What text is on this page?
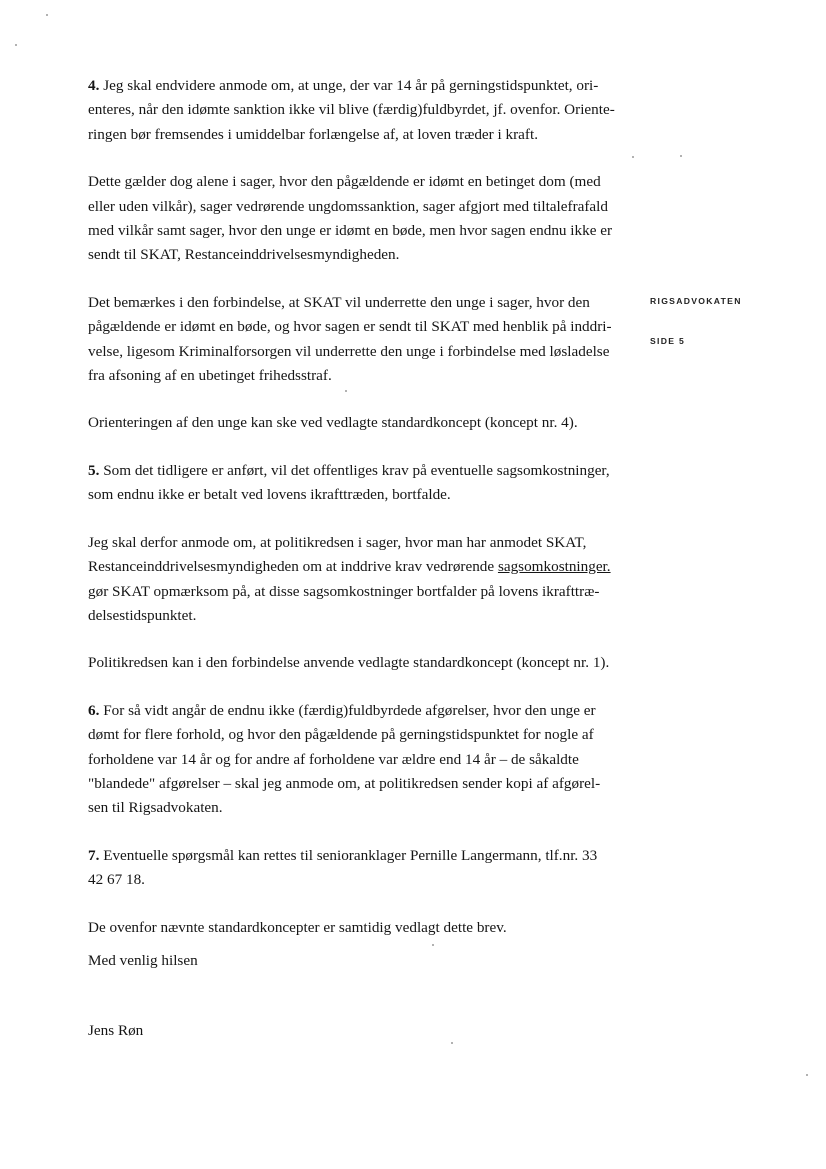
4. Jeg skal endvidere anmode om, at unge, der var 14 år på gerningstidspunktet, ori-
enteres, når den idømte sanktion ikke vil blive (færdig)fuldbyrdet, jf. ovenfor. Oriente-
ringen bør fremsendes i umiddelbar forlængelse af, at loven træder i kraft.

Dette gælder dog alene i sager, hvor den pågældende er idømt en betinget dom (med
eller uden vilkår), sager vedrørende ungdomssanktion, sager afgjort med tiltalefrafald
med vilkår samt sager, hvor den unge er idømt en bøde, men hvor sagen endnu ikke er
sendt til SKAT, Restanceinddrivelsesmyndigheden.

Det bemærkes i den forbindelse, at SKAT vil underrette den unge i sager, hvor den
pågældende er idømt en bøde, og hvor sagen er sendt til SKAT med henblik på inddri-
velse, ligesom Kriminalforsorgen vil underrette den unge i forbindelse med løsladelse
fra afsoning af en ubetinget frihedsstraf.

Orienteringen af den unge kan ske ved vedlagte standardkoncept (koncept nr. 4).

5. Som det tidligere er anført, vil det offentliges krav på eventuelle sagsomkostninger,
som endnu ikke er betalt ved lovens ikrafttræden, bortfalde.

Jeg skal derfor anmode om, at politikredsen i sager, hvor man har anmodet SKAT,
Restanceinddrivelsesmyndigheden om at inddrive krav vedrørende sagsomkostninger.
gør SKAT opmærksom på, at disse sagsomkostninger bortfalder på lovens ikrafttræ-
delsestidspunktet.

Politikredsen kan i den forbindelse anvende vedlagte standardkoncept (koncept nr. 1).

6. For så vidt angår de endnu ikke (færdig)fuldbyrdede afgørelser, hvor den unge er
dømt for flere forhold, og hvor den pågældende på gerningstidspunktet for nogle af
forholdene var 14 år og for andre af forholdene var ældre end 14 år – de såkaldte
"blandede" afgørelser – skal jeg anmode om, at politikredsen sender kopi af afgørel-
sen til Rigsadvokaten.

7. Eventuelle spørgsmål kan rettes til senioranklager Pernille Langermann, tlf.nr. 33
42 67 18.

De ovenfor nævnte standardkoncepter er samtidig vedlagt dette brev.

Med venlig hilsen
Jens Røn
RIGSADVOKATEN
SIDE 5
